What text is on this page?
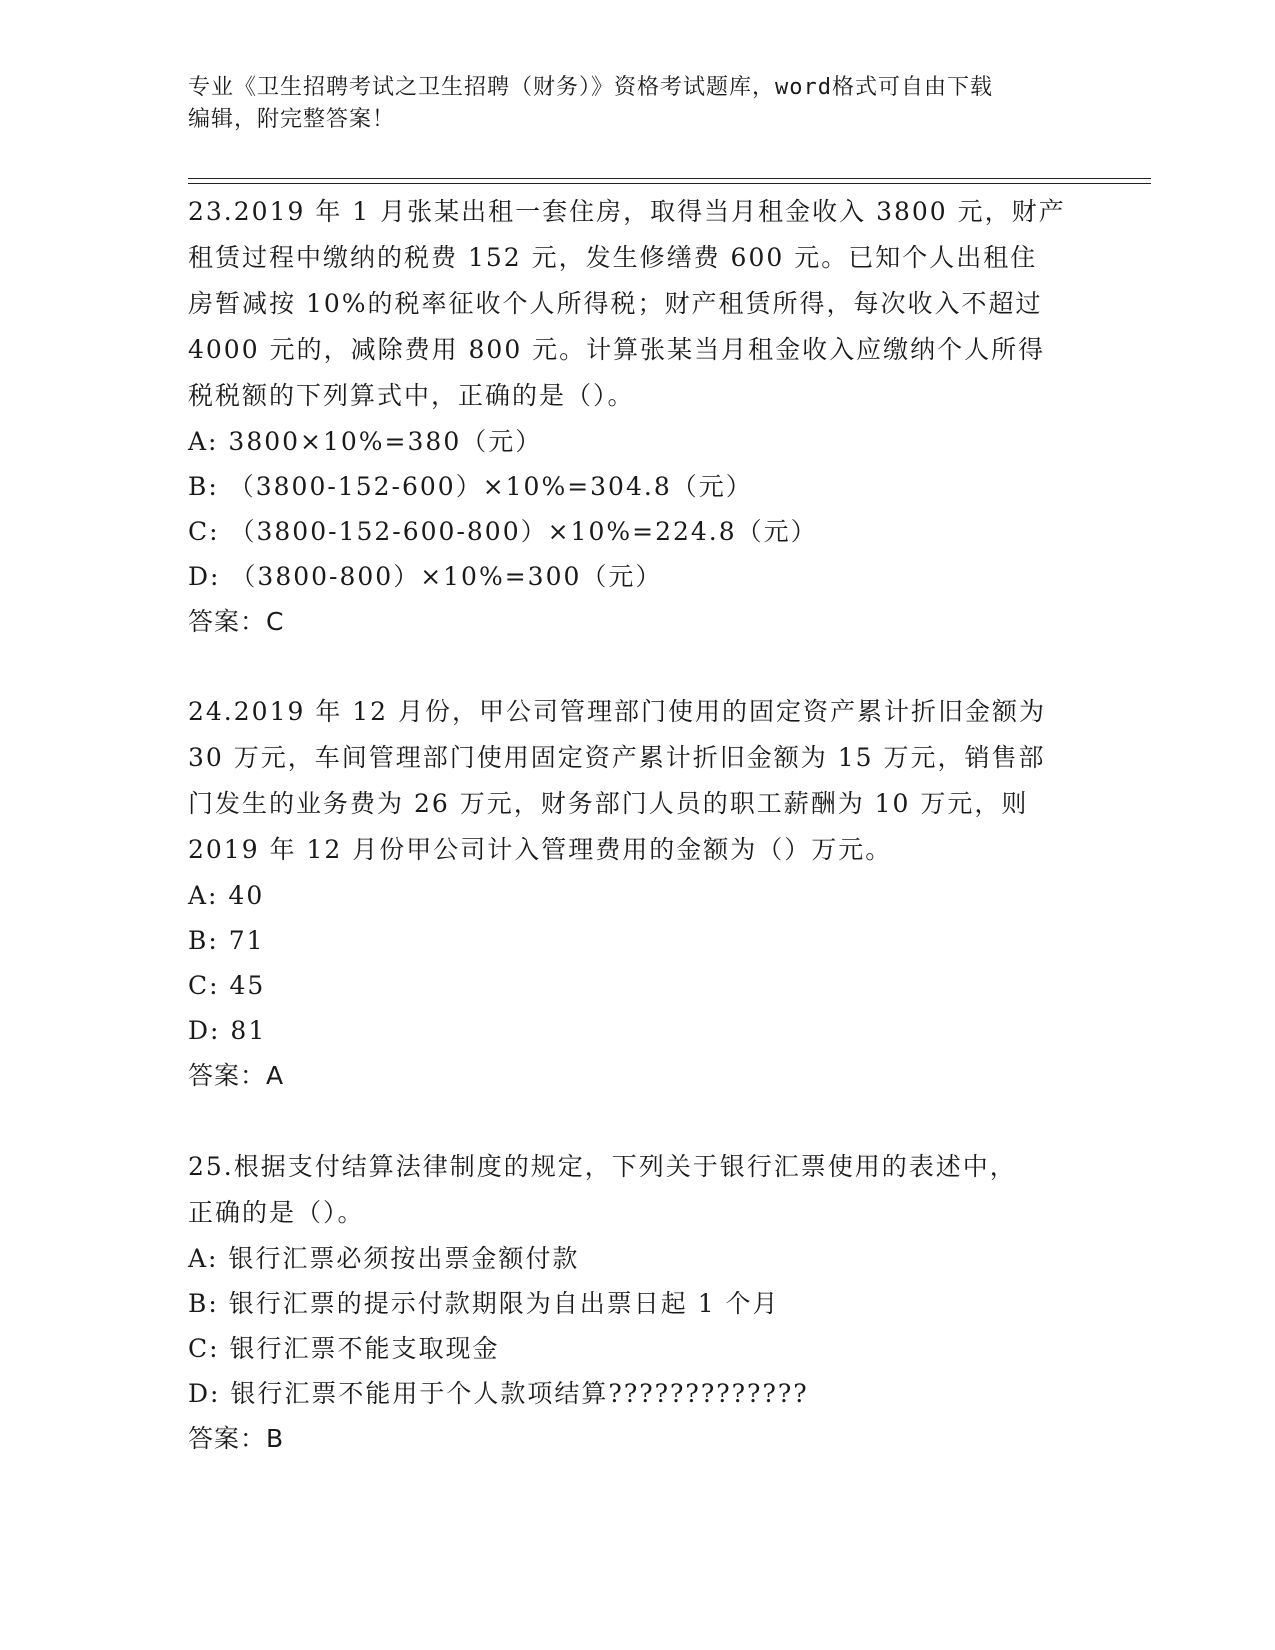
专业《卫生招聘考试之卫生招聘（财务）》资格考试题库，word格式可自由下载
编辑，附完整答案！
23.2019 年 1 月张某出租一套住房，取得当月租金收入 3800 元，财产
租赁过程中缴纳的税费 152 元，发生修缮费 600 元。已知个人出租住
房暂减按 10%的税率征收个人所得税；财产租赁所得，每次收入不超过
4000 元的，减除费用 800 元。计算张某当月租金收入应缴纳个人所得
税税额的下列算式中，正确的是（）。
A: 3800×10%=380（元）
B: （3800-152-600）×10%=304.8（元）
C: （3800-152-600-800）×10%=224.8（元）
D: （3800-800）×10%=300（元）
答案：C
24.2019 年 12 月份，甲公司管理部门使用的固定资产累计折旧金额为
30 万元，车间管理部门使用固定资产累计折旧金额为 15 万元，销售部
门发生的业务费为 26 万元，财务部门人员的职工薪酬为 10 万元，则
2019 年 12 月份甲公司计入管理费用的金额为（）万元。
A: 40
B: 71
C: 45
D: 81
答案：A
25.根据支付结算法律制度的规定，下列关于银行汇票使用的表述中，
正确的是（）。
A: 银行汇票必须按出票金额付款
B: 银行汇票的提示付款期限为自出票日起 1 个月
C: 银行汇票不能支取现金
D: 银行汇票不能用于个人款项结算?????????????
答案：B
